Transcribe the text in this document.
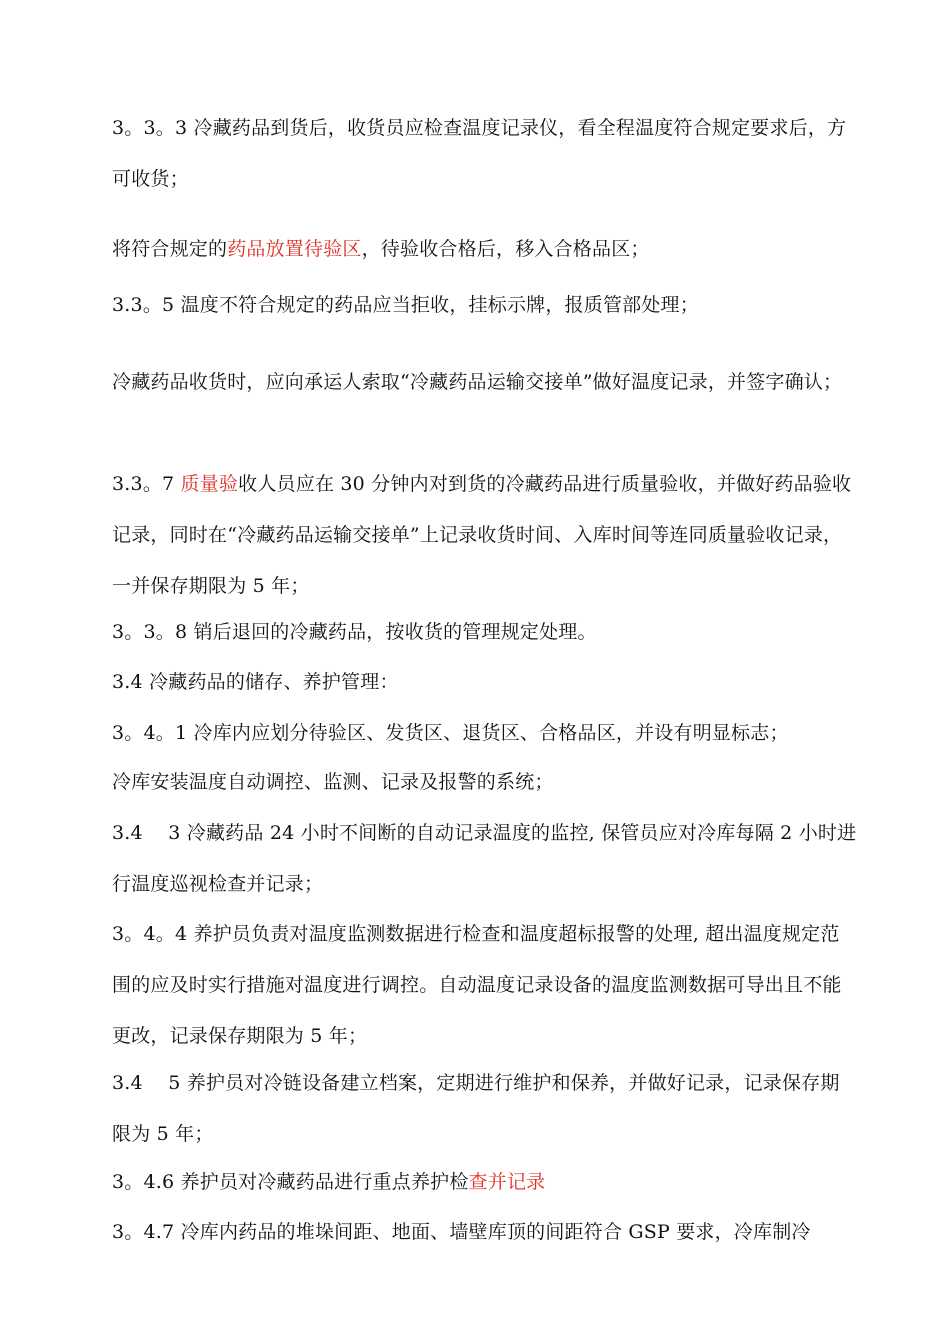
3。3。3 冷藏药品到货后，收货员应检查温度记录仪，看全程温度符合规定要求后，方可收货；

将符合规定的药品放置待验区，待验收合格后，移入合格品区；

3.3。5 温度不符合规定的药品应当拒收，挂标示牌，报质管部处理；

冷藏药品收货时，应向承运人索取“冷藏药品运输交接单”做好温度记录，并签字确认；

3.3。7 质量验收人员应在 30 分钟内对到货的冷藏药品进行质量验收，并做好药品验收记录，同时在“冷藏药品运输交接单”上记录收货时间、入库时间等连同质量验收记录，一并保存期限为 5 年；

3。3。8 销后退回的冷藏药品，按收货的管理规定处理。

3.4 冷藏药品的储存、养护管理：

3。4。1 冷库内应划分待验区、发货区、退货区、合格品区，并设有明显标志；

冷库安装温度自动调控、监测、记录及报警的系统；

3.4　 3 冷藏药品 24 小时不间断的自动记录温度的监控, 保管员应对冷库每隔 2 小时进行温度巡视检查并记录；

3。4。4 养护员负责对温度监测数据进行检查和温度超标报警的处理, 超出温度规定范围的应及时实行措施对温度进行调控。自动温度记录设备的温度监测数据可导出且不能更改，记录保存期限为 5 年；

3.4　 5 养护员对冷链设备建立档案，定期进行维护和保养，并做好记录，记录保存期限为 5 年；

3。4.6 养护员对冷藏药品进行重点养护检查并记录

3。4.7 冷库内药品的堆垛间距、地面、墙壁库顶的间距符合 GSP 要求，冷库制冷
